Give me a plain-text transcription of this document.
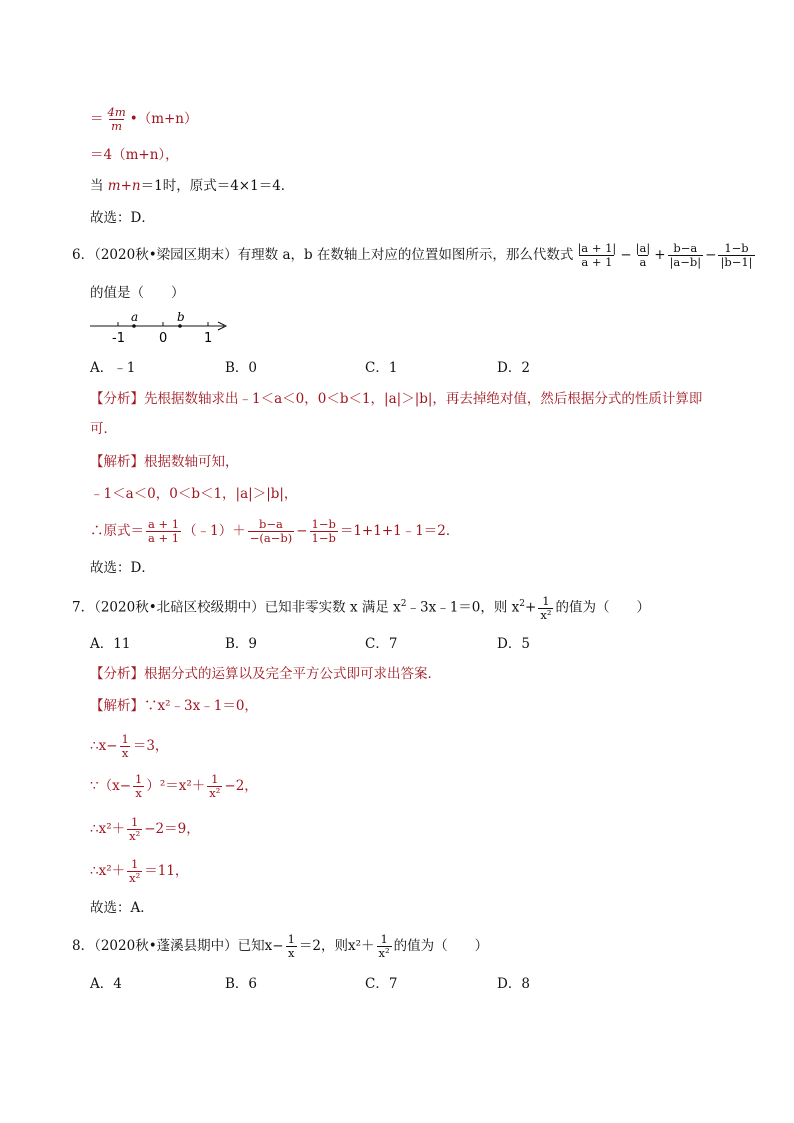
＝ $\frac{4m}{m}$ •（m+n）
＝4（m+n），
当 m+n＝1时，原式＝4×1＝4．
故选：D．
6．（2020秋•梁园区期末）有理数 a，b 在数轴上对应的位置如图所示，那么代数式 $\frac{|a + 1|}{a + 1} - \frac{|a|}{a} + \frac{b-a}{|a-b|} - \frac{1-b}{|b-1|}$
的值是（　　）
a	b
-1	0	1
A．﹣1	B．0	C．1	D．2
【分析】先根据数轴求出﹣1＜a＜0，0＜b＜1，|a|＞|b|，再去掉绝对值，然后根据分式的性质计算即
可．
【解析】根据数轴可知，
﹣1＜a＜0，0＜b＜1，|a|＞|b|，
∴原式＝ $\frac{a + 1}{a + 1}$ （﹣1）＋ $\frac{b-a}{-(a-b)} - \frac{1-b}{1-b}$ ＝1+1+1﹣1＝2．
故选：D．
7．（2020秋•北碚区校级期中）已知非零实数 x 满足 $x^2﹣3x﹣1=0$，则 $x^2+ \frac{1}{\text{x²}}$ 的值为（　　）
A．11	B．9	C．7	D．5
【分析】根据分式的运算以及完全平方公式即可求出答案．
【解析】∵x²﹣3x﹣1＝0，
∴x− $\frac{1}{x} =3$，
∵（x− $\frac{1}{x} )^2=x^2+ \frac{1}{\text{x²}} -2$，
∴x²＋ $\frac{1}{\text{x²}} -2=9$，
∴x²＋ $\frac{1}{\text{x²}} =11$，
故选：A．
8．（2020秋•蓬溪县期中）已知$x- \frac{1}{x} =2$，则$x^2+ \frac{1}{\text{x²}}$ 的值为（　　）
A．4	B．6	C．7	D．8
